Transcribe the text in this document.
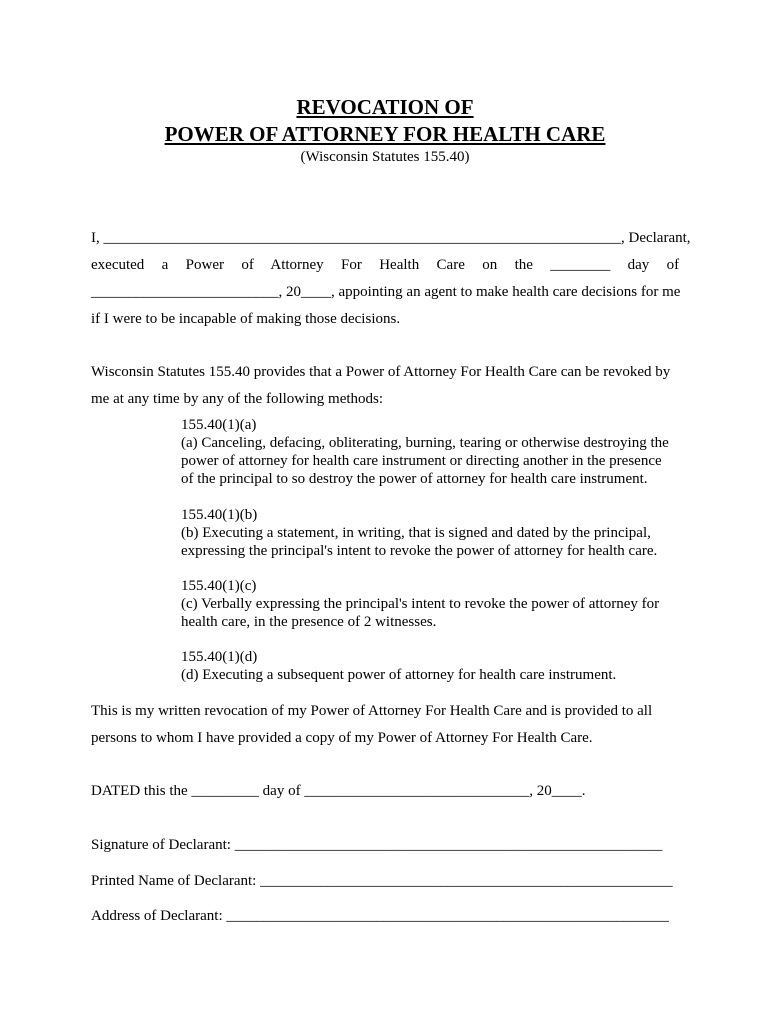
REVOCATION OF
POWER OF ATTORNEY FOR HEALTH CARE
(Wisconsin Statutes 155.40)
I, _____________________________________________________________________, Declarant,
executed a Power of Attorney For Health Care on the ________ day of
_________________________, 20____, appointing an agent to make health care decisions for me
if I were to be incapable of making those decisions.
Wisconsin Statutes 155.40 provides that a Power of Attorney For Health Care can be revoked by
me at any time by any of the following methods:
155.40(1)(a)
(a) Canceling, defacing, obliterating, burning, tearing or otherwise destroying the
power of attorney for health care instrument or directing another in the presence
of the principal to so destroy the power of attorney for health care instrument.
155.40(1)(b)
(b) Executing a statement, in writing, that is signed and dated by the principal,
expressing the principal's intent to revoke the power of attorney for health care.
155.40(1)(c)
(c) Verbally expressing the principal's intent to revoke the power of attorney for
health care, in the presence of 2 witnesses.
155.40(1)(d)
(d) Executing a subsequent power of attorney for health care instrument.
This is my written revocation of my Power of Attorney For Health Care and is provided to all
persons to whom I have provided a copy of my Power of Attorney For Health Care.
DATED this the _________ day of ______________________________, 20____.
Signature of Declarant: _________________________________________________________
Printed Name of Declarant: _______________________________________________________
Address of Declarant: ___________________________________________________________
